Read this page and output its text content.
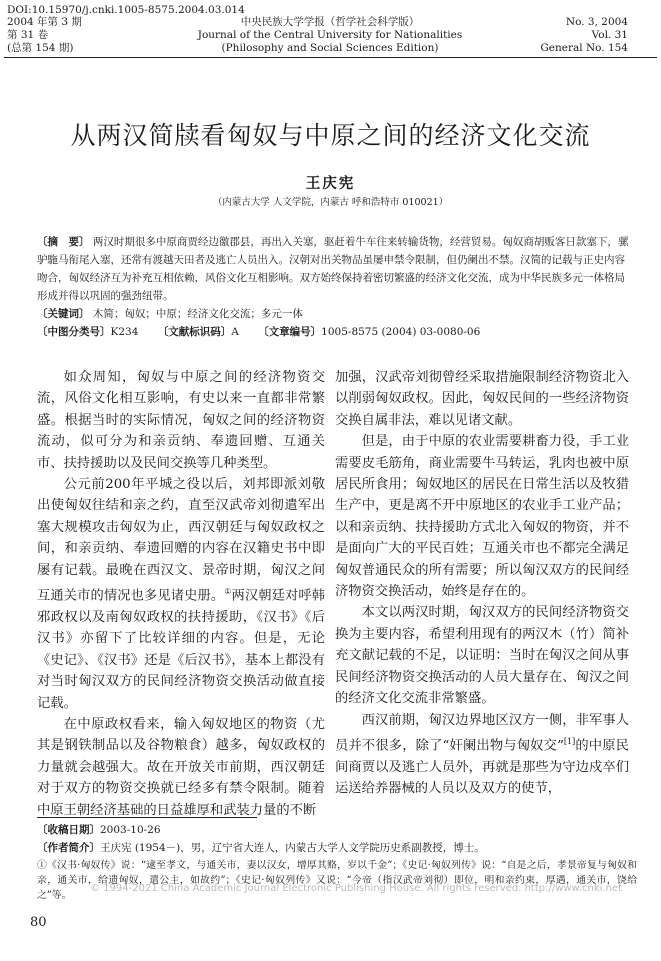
DOI:10.15970/j.cnki.1005-8575.2004.03.014
2004 年第 3 期
第 31 卷
(总第 154 期)
中央民族大学学报（哲学社会科学版）
Journal of the Central University for Nationalities
(Philosophy and Social Sciences Edition)
No. 3, 2004
Vol. 31
General No. 154
从两汉简牍看匈奴与中原之间的经济文化交流
王庆宪
（内蒙古大学 人文学院，内蒙古 呼和浩特市 010021）
〔摘　要〕 两汉时期很多中原商贾经边徼郡县，再出入关塞，驱赶着牛车往来转输货物，经营贸易。匈奴商胡贩客日款塞下，骡驴駞马衔尾入塞，还常有渡越天田者及逃亡人员出入。汉朝对出关物品虽屡申禁令限制，但仍阑出不禁。汉简的记载与正史内容吻合，匈奴经济互为补充互相依赖，风俗文化互相影响。双方始终保持着密切繁盛的经济文化交流，成为中华民族多元一体格局形成并得以巩固的强劲纽带。
〔关键词〕 木简；匈奴；中原；经济文化交流；多元一体
〔中图分类号〕K234 〔文献标识码〕A 〔文章编号〕1005-8575 (2004) 03-0080-06

如众周知，匈奴与中原之间的经济物资交流，风俗文化相互影响，有史以来一直都非常繁盛。根据当时的实际情况，匈奴之间的经济物资流动，似可分为和亲贡纳、奉遗回赠、互通关市、扶持援助以及民间交换等几种类型。

公元前200年平城之役以后，刘邦即派刘敬出使匈奴往结和亲之约，直至汉武帝刘彻遣军出塞大规模攻击匈奴为止，西汉朝廷与匈奴政权之间，和亲贡纳、奉遗回赠的内容在汉籍史书中即屡有记载。最晚在西汉文、景帝时期，匈汉之间互通关市的情况也多见诸史册。①两汉朝廷对呼韩邪政权以及南匈奴政权的扶持援助，《汉书》《后汉书》亦留下了比较详细的内容。但是，无论《史记》、《汉书》还是《后汉书》，基本上都没有对当时匈汉双方的民间经济物资交换活动做直接记载。

在中原政权看来，输入匈奴地区的物资（尤其是钢铁制品以及谷物粮食）越多，匈奴政权的力量就会越强大。故在开放关市前期，西汉朝廷对于双方的物资交换就已经多有禁令限制。随着中原王朝经济基础的日益雄厚和武装力量的不断

加强，汉武帝刘彻曾经采取措施限制经济物资北入以削弱匈奴政权。因此，匈奴民间的一些经济物资交换自属非法，难以见诸文献。

但是，由于中原的农业需要耕畜力役，手工业需要皮毛筋角，商业需要牛马转运，乳肉也被中原居民所食用；匈奴地区的居民在日常生活以及牧猎生产中，更是离不开中原地区的农业手工业产品；以和亲贡纳、扶持援助方式北入匈奴的物资，并不是面向广大的平民百姓；互通关市也不都完全满足匈奴普通民众的所有需要；所以匈汉双方的民间经济物资交换活动，始终是存在的。

本文以两汉时期，匈汉双方的民间经济物资交换为主要内容，希望利用现有的两汉木（竹）简补充文献记载的不足，以证明：当时在匈汉之间从事民间经济物资交换活动的人员大量存在、匈汉之间的经济文化交流非常繁盛。

西汉前期，匈汉边界地区汉方一侧，非军事人员并不很多，除了“奸阑出物与匈奴交”[1]的中原民间商贾以及逃亡人员外，再就是那些为守边戍卒们运送给养器械的人员以及双方的使节，

〔收稿日期〕2003-10-26
〔作者简介〕王庆宪 (1954－)，男，辽宁省大连人，内蒙古大学人文学院历史系副教授，博士。
①《汉书·匈奴传》说：“逮至孝文，与通关市，妻以汉女，增厚其赂，岁以千金”；《史记·匈奴列传》说：“自是之后，孝景帝复与匈奴和亲，通关市，给遗匈奴，遣公主，如故约”；《史记·匈奴列传》又说：“今帝（指汉武帝刘彻）即位，明和亲约束，厚遇，通关市，饶给之”等。
© 1994-2021 China Academic Journal Electronic Publishing House. All rights reserved. http://www.cnki.net
80
